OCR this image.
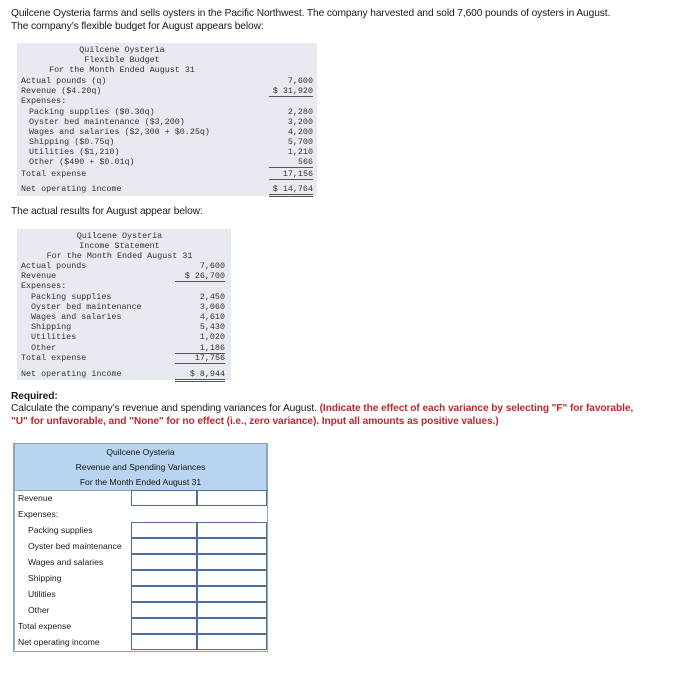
Quilcene Oysteria farms and sells oysters in the Pacific Northwest. The company harvested and sold 7,600 pounds of oysters in August. The company’s flexible budget for August appears below:
Quilcene Oysteria
Flexible Budget
For the Month Ended August 31
Actual pounds (q)	7,600
Revenue ($4.20q)	$ 31,920
Expenses:
Packing supplies ($0.30q)	2,280
Oyster bed maintenance ($3,200)	3,200
Wages and salaries ($2,300 + $0.25q)	4,200
Shipping ($0.75q)	5,700
Utilities ($1,210)	1,210
Other ($490 + $0.01q)	566
Total expense	17,156
Net operating income	$ 14,764
The actual results for August appear below:
Quilcene Oysteria
Income Statement
For the Month Ended August 31
Actual pounds	7,600
Revenue	$ 26,700
Expenses:
Packing supplies	2,450
Oyster bed maintenance	3,060
Wages and salaries	4,610
Shipping	5,430
Utilities	1,020
Other	1,186
Total expense	17,756
Net operating income	$ 8,944
Required:
Calculate the company’s revenue and spending variances for August. (Indicate the effect of each variance by selecting "F" for favorable, "U" for unfavorable, and "None" for no effect (i.e., zero variance). Input all amounts as positive values.)
Quilcene Oysteria
Revenue and Spending Variances
For the Month Ended August 31
Revenue
Expenses:
Packing supplies
Oyster bed maintenance
Wages and salaries
Shipping
Utilities
Other
Total expense
Net operating income
